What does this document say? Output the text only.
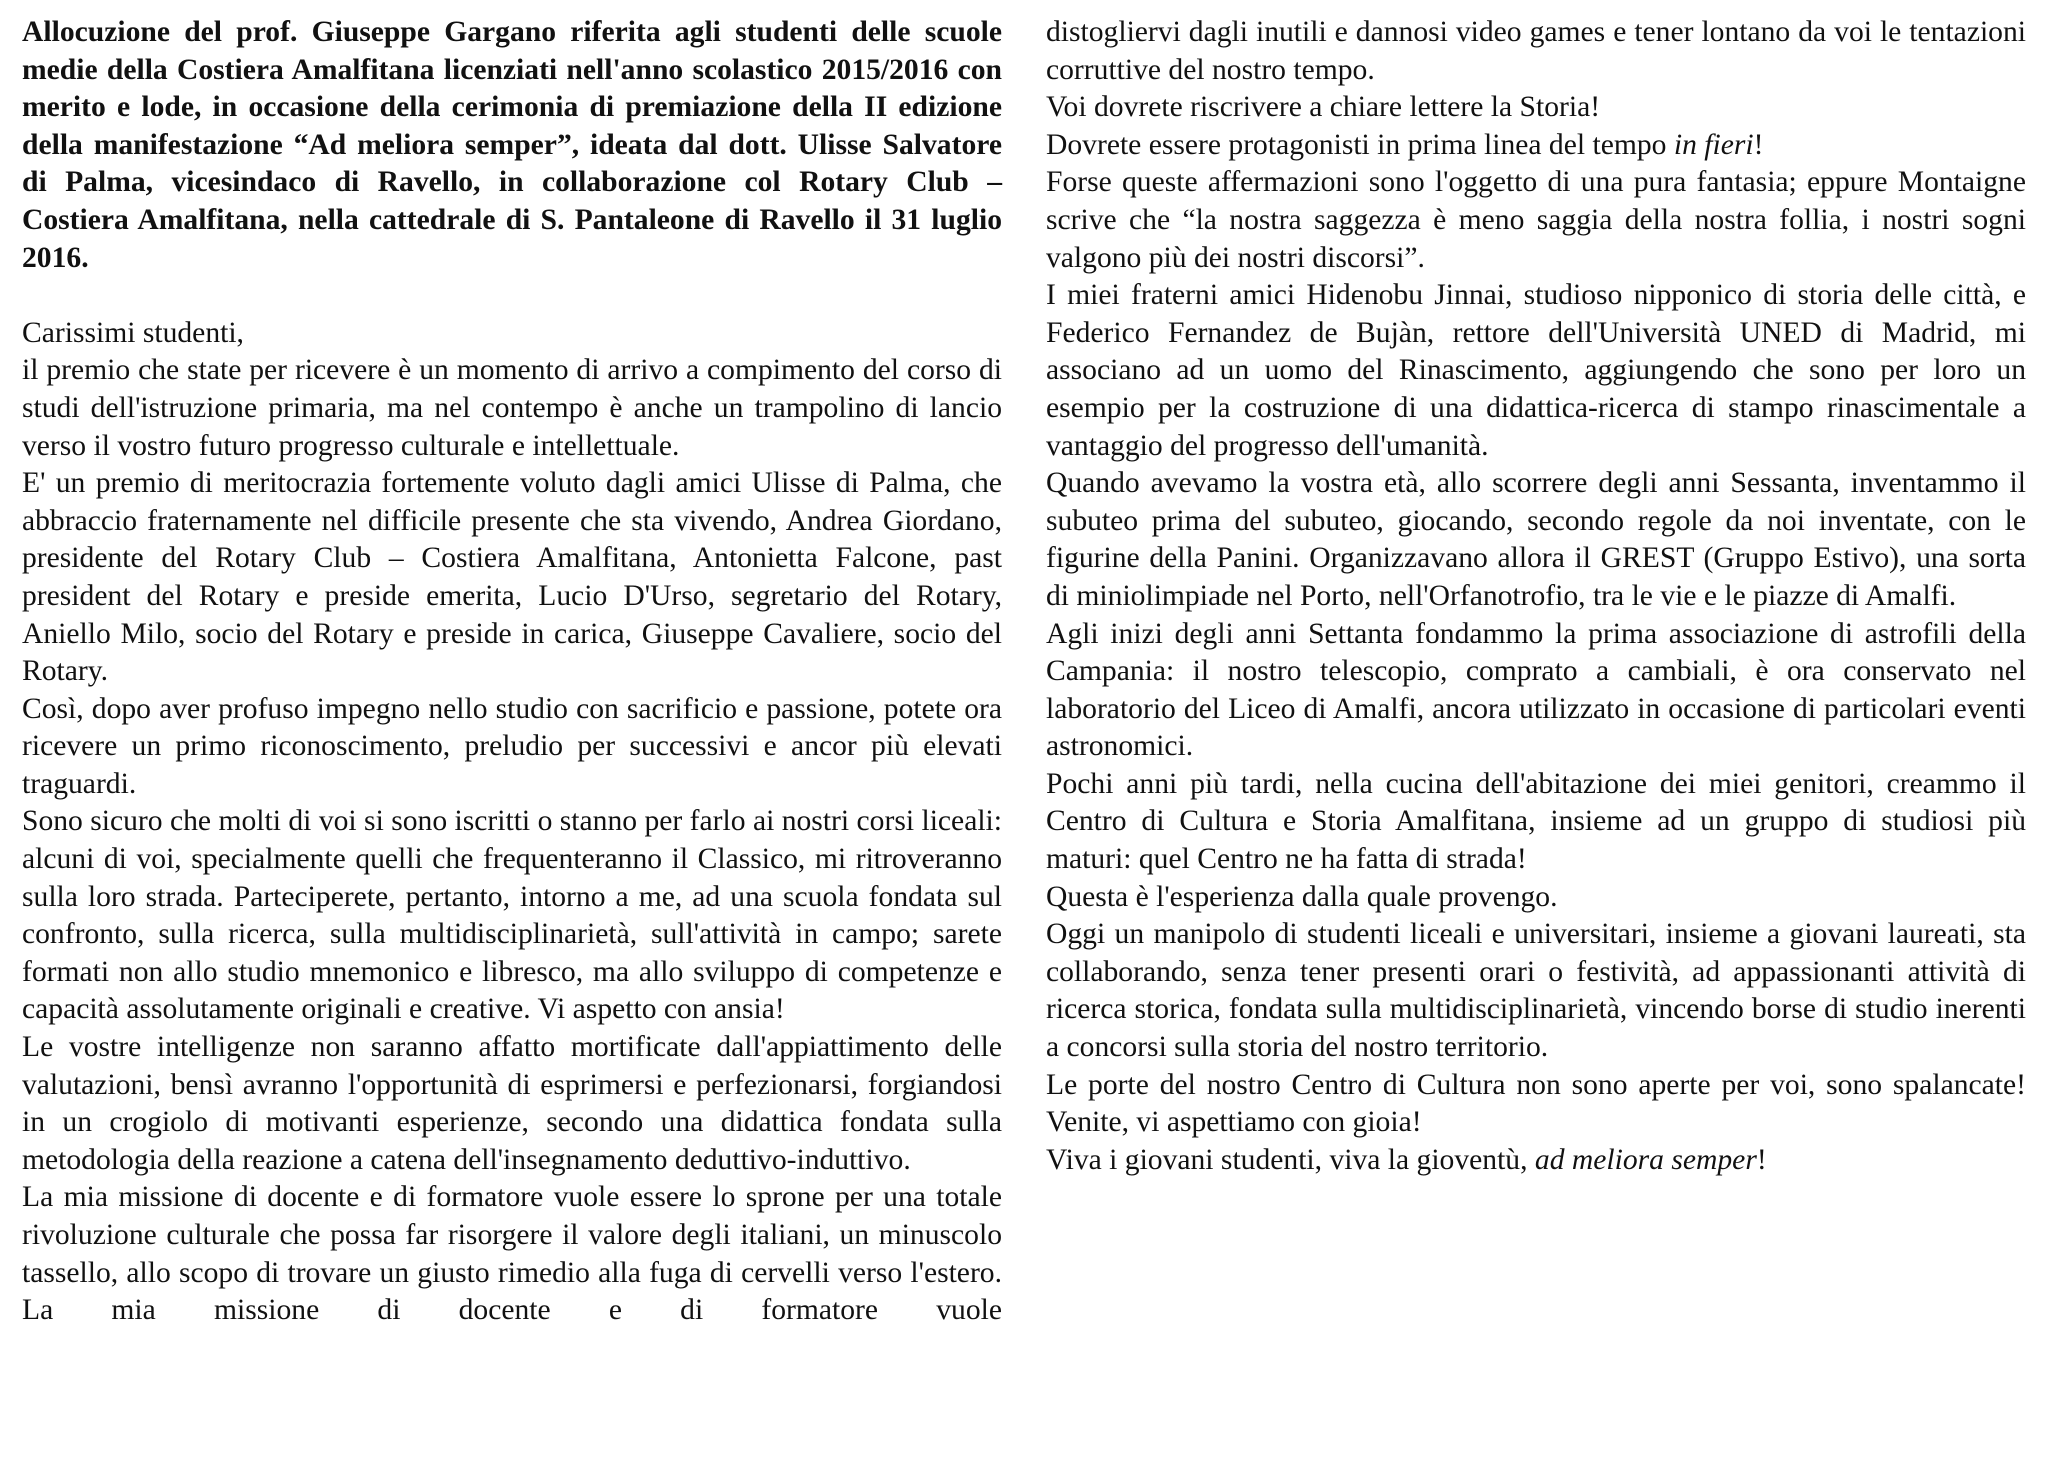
Allocuzione del prof. Giuseppe Gargano riferita agli studenti delle scuole medie della Costiera Amalfitana licenziati nell'anno scolastico 2015/2016 con merito e lode, in occasione della cerimonia di premiazione della II edizione della manifestazione “Ad meliora semper”, ideata dal dott. Ulisse Salvatore di Palma, vicesindaco di Ravello, in collaborazione col Rotary Club – Costiera Amalfitana, nella cattedrale di S. Pantaleone di Ravello il 31 luglio 2016.

Carissimi studenti,

il premio che state per ricevere è un momento di arrivo a compimento del corso di studi dell'istruzione primaria, ma nel contempo è anche un trampolino di lancio verso il vostro futuro progresso culturale e intellettuale.

E' un premio di meritocrazia fortemente voluto dagli amici Ulisse di Palma, che abbraccio fraternamente nel difficile presente che sta vivendo, Andrea Giordano, presidente del Rotary Club – Costiera Amalfitana, Antonietta Falcone, past president del Rotary e preside emerita, Lucio D'Urso, segretario del Rotary, Aniello Milo, socio del Rotary e preside in carica, Giuseppe Cavaliere, socio del Rotary.

Così, dopo aver profuso impegno nello studio con sacrificio e passione, potete ora ricevere un primo riconoscimento, preludio per successivi e ancor più elevati traguardi.

Sono sicuro che molti di voi si sono iscritti o stanno per farlo ai nostri corsi liceali: alcuni di voi, specialmente quelli che frequenteranno il Classico, mi ritroveranno sulla loro strada. Parteciperete, pertanto, intorno a me, ad una scuola fondata sul confronto, sulla ricerca, sulla multidisciplinarietà, sull'attività in campo; sarete formati non allo studio mnemonico e libresco, ma allo sviluppo di competenze e capacità assolutamente originali e creative. Vi aspetto con ansia!

Le vostre intelligenze non saranno affatto mortificate dall'appiattimento delle valutazioni, bensì avranno l'opportunità di esprimersi e perfezionarsi, forgiandosi in un crogiolo di motivanti esperienze, secondo una didattica fondata sulla metodologia della reazione a catena dell'insegnamento deduttivo-induttivo.

La mia missione di docente e di formatore vuole essere lo sprone per una totale rivoluzione culturale che possa far risorgere il valore degli italiani, un minuscolo tassello, allo scopo di trovare un giusto rimedio alla fuga di cervelli verso l'estero. La mia missione di docente e di formatore vuole

distogliervi dagli inutili e dannosi video games e tener lontano da voi le tentazioni corruttive del nostro tempo.

Voi dovrete riscrivere a chiare lettere la Storia!

Dovrete essere protagonisti in prima linea del tempo in fieri!

Forse queste affermazioni sono l'oggetto di una pura fantasia; eppure Montaigne scrive che “la nostra saggezza è meno saggia della nostra follia, i nostri sogni valgono più dei nostri discorsi”.

I miei fraterni amici Hidenobu Jinnai, studioso nipponico di storia delle città, e Federico Fernandez de Bujàn, rettore dell'Università UNED di Madrid, mi associano ad un uomo del Rinascimento, aggiungendo che sono per loro un esempio per la costruzione di una didattica-ricerca di stampo rinascimentale a vantaggio del progresso dell'umanità.

Quando avevamo la vostra età, allo scorrere degli anni Sessanta, inventammo il subuteo prima del subuteo, giocando, secondo regole da noi inventate, con le figurine della Panini. Organizzavano allora il GREST (Gruppo Estivo), una sorta di miniolimpiade nel Porto, nell'Orfanotrofio, tra le vie e le piazze di Amalfi.

Agli inizi degli anni Settanta fondammo la prima associazione di astrofili della Campania: il nostro telescopio, comprato a cambiali, è ora conservato nel laboratorio del Liceo di Amalfi, ancora utilizzato in occasione di particolari eventi astronomici.

Pochi anni più tardi, nella cucina dell'abitazione dei miei genitori, creammo il Centro di Cultura e Storia Amalfitana, insieme ad un gruppo di studiosi più maturi: quel Centro ne ha fatta di strada!

Questa è l'esperienza dalla quale provengo.

Oggi un manipolo di studenti liceali e universitari, insieme a giovani laureati, sta collaborando, senza tener presenti orari o festività, ad appassionanti attività di ricerca storica, fondata sulla multidisciplinarietà, vincendo borse di studio inerenti a concorsi sulla storia del nostro territorio.

Le porte del nostro Centro di Cultura non sono aperte per voi, sono spalancate! Venite, vi aspettiamo con gioia!

Viva i giovani studenti, viva la gioventù, ad meliora semper!
